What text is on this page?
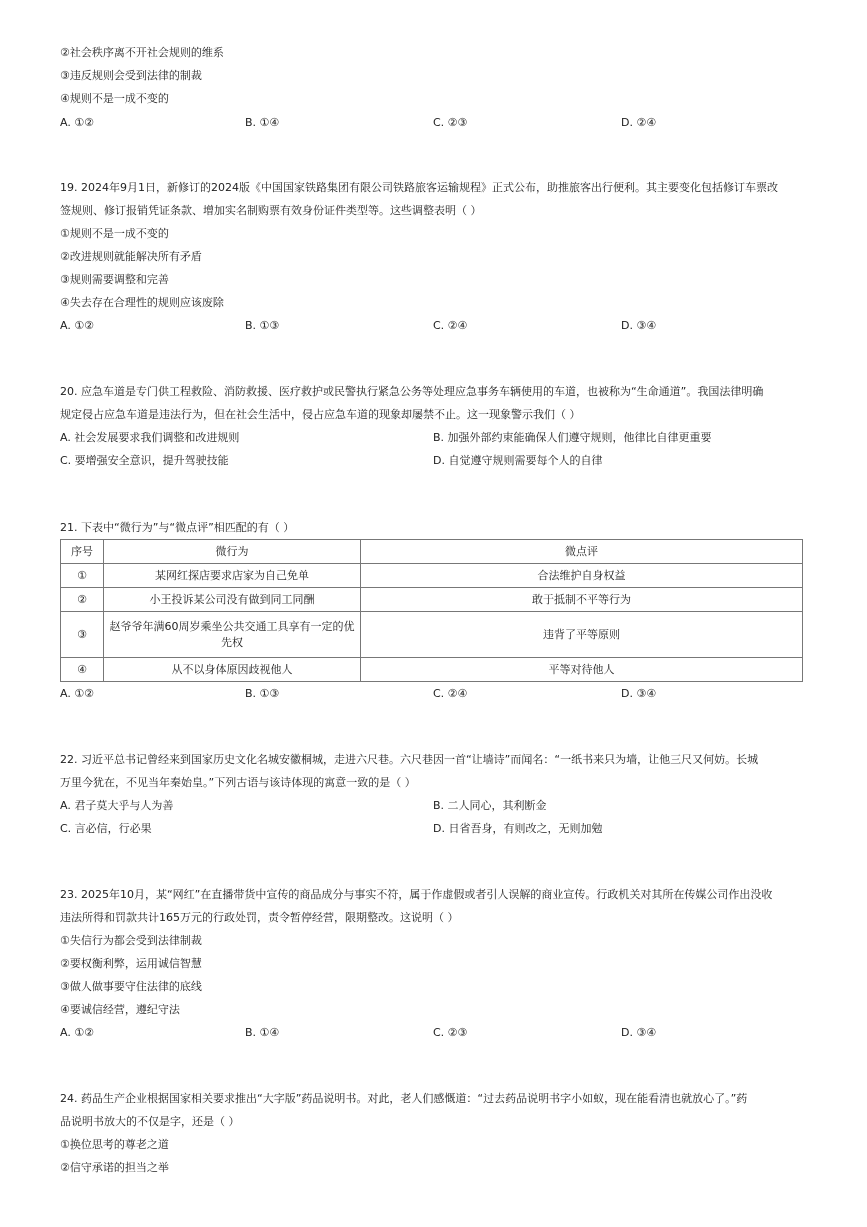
②社会秩序离不开社会规则的维系
③违反规则会受到法律的制裁
④规则不是一成不变的
A. ①②	B. ①④	C. ②③	D. ②④
19. 2024年9月1日，新修订的2024版《中国国家铁路集团有限公司铁路旅客运输规程》正式公布，助推旅客出行便利。其主要变化包括修订车票改
签规则、修订报销凭证条款、增加实名制购票有效身份证件类型等。这些调整表明（ ）
①规则不是一成不变的
②改进规则就能解决所有矛盾
③规则需要调整和完善
④失去存在合理性的规则应该废除
A. ①②	B. ①③	C. ②④	D. ③④
20. 应急车道是专门供工程救险、消防救援、医疗救护或民警执行紧急公务等处理应急事务车辆使用的车道，也被称为“生命通道”。我国法律明确
规定侵占应急车道是违法行为，但在社会生活中，侵占应急车道的现象却屡禁不止。这一现象警示我们（ ）
A. 社会发展要求我们调整和改进规则	B. 加强外部约束能确保人们遵守规则，他律比自律更重要
C. 要增强安全意识，提升驾驶技能	D. 自觉遵守规则需要每个人的自律
21. 下表中“微行为”与“微点评”相匹配的有（ ）
序号	微行为	微点评
①	某网红探店要求店家为自己免单	合法维护自身权益
②	小王投诉某公司没有做到同工同酬	敢于抵制不平等行为
③	赵爷爷年满60周岁乘坐公共交通工具享有一定的优先权	违背了平等原则
④	从不以身体原因歧视他人	平等对待他人
A. ①②	B. ①③	C. ②④	D. ③④
22. 习近平总书记曾经来到国家历史文化名城安徽桐城，走进六尺巷。六尺巷因一首“让墙诗”而闻名：“一纸书来只为墙，让他三尺又何妨。长城
万里今犹在，不见当年秦始皇。”下列古语与该诗体现的寓意一致的是（ ）
A. 君子莫大乎与人为善	B. 二人同心，其利断金
C. 言必信，行必果	D. 日省吾身，有则改之，无则加勉
23. 2025年10月，某“网红”在直播带货中宣传的商品成分与事实不符，属于作虚假或者引人误解的商业宣传。行政机关对其所在传媒公司作出没收
违法所得和罚款共计165万元的行政处罚，责令暂停经营，限期整改。这说明（ ）
①失信行为都会受到法律制裁
②要权衡利弊，运用诚信智慧
③做人做事要守住法律的底线
④要诚信经营，遵纪守法
A. ①②	B. ①④	C. ②③	D. ③④
24. 药品生产企业根据国家相关要求推出“大字版”药品说明书。对此，老人们感慨道：“过去药品说明书字小如蚁，现在能看清也就放心了。”药
品说明书放大的不仅是字，还是（ ）
①换位思考的尊老之道
②信守承诺的担当之举
